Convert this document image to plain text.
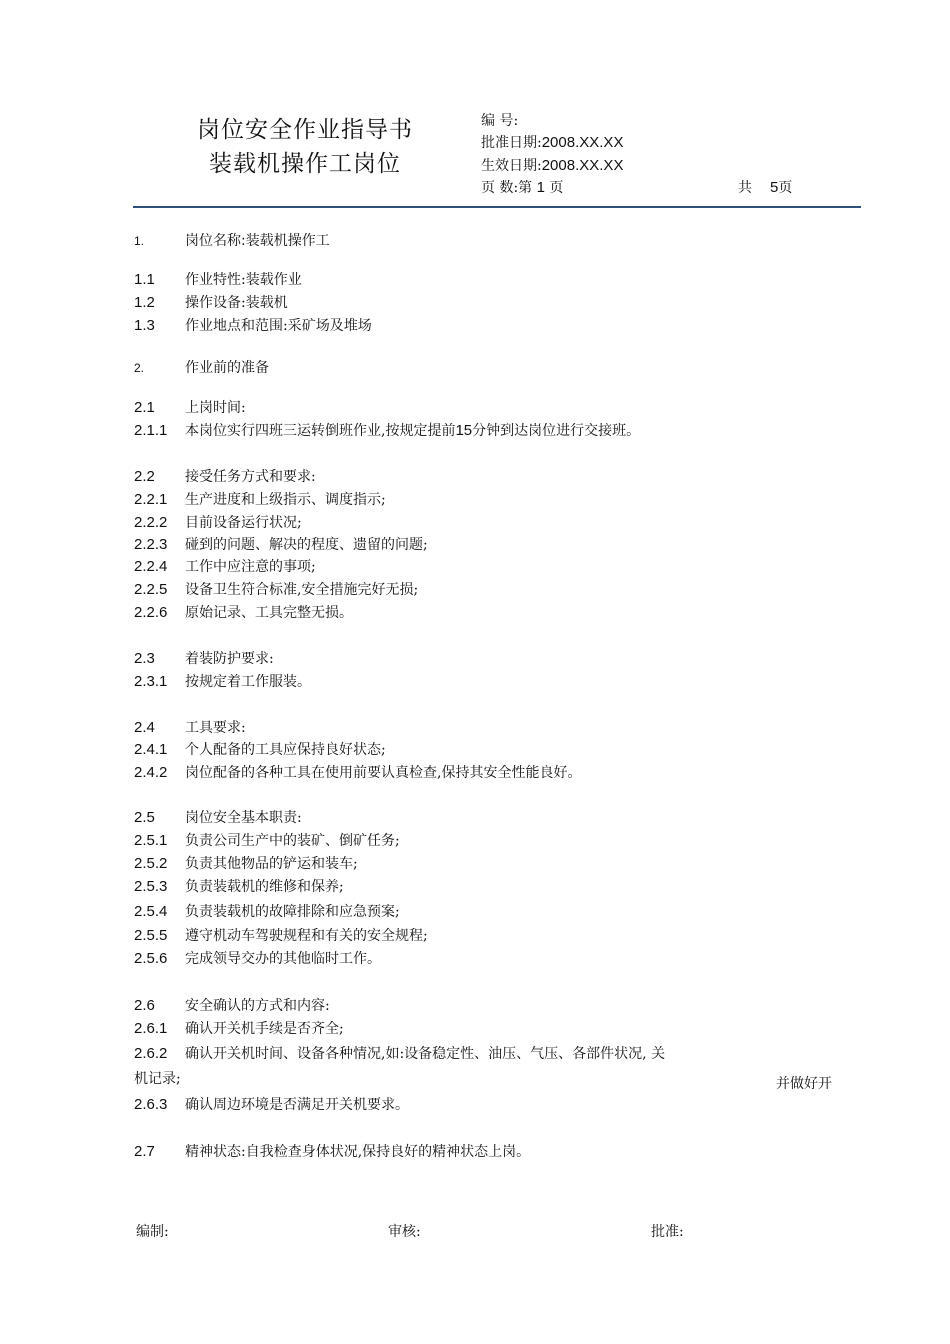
岗位安全作业指导书
装载机操作工岗位
编 号:
批准日期:2008.XX.XX
生效日期:2008.XX.XX
页 数:第 1 页	共 5页
1.	岗位名称:装载机操作工
1.1 作业特性:装载作业
1.2 操作设备:装载机
1.3 作业地点和范围:采矿场及堆场
2.	作业前的准备
2.1 上岗时间:
2.1.1 本岗位实行四班三运转倒班作业,按规定提前15分钟到达岗位进行交接班。
2.2 接受任务方式和要求:
2.2.1 生产进度和上级指示、调度指示;
2.2.2 目前设备运行状况;
2.2.3 碰到的问题、解决的程度、遗留的问题;
2.2.4 工作中应注意的事项;
2.2.5 设备卫生符合标准,安全措施完好无损;
2.2.6 原始记录、工具完整无损。
2.3 着装防护要求:
2.3.1 按规定着工作服装。
2.4 工具要求:
2.4.1 个人配备的工具应保持良好状态;
2.4.2 岗位配备的各种工具在使用前要认真检查,保持其安全性能良好。
2.5 岗位安全基本职责:
2.5.1 负责公司生产中的装矿、倒矿任务;
2.5.2 负责其他物品的铲运和装车;
2.5.3 负责装载机的维修和保养;
2.5.4 负责装载机的故障排除和应急预案;
2.5.5 遵守机动车驾驶规程和有关的安全规程;
2.5.6 完成领导交办的其他临时工作。
2.6 安全确认的方式和内容:
2.6.1 确认开关机手续是否齐全;
2.6.2 确认开关机时间、设备各种情况,如:设备稳定性、油压、气压、各部件状况, 关
机记录;	并做好开
2.6.3 确认周边环境是否满足开关机要求。
2.7 精神状态:自我检查身体状况,保持良好的精神状态上岗。
编制:	审核:	批准:
